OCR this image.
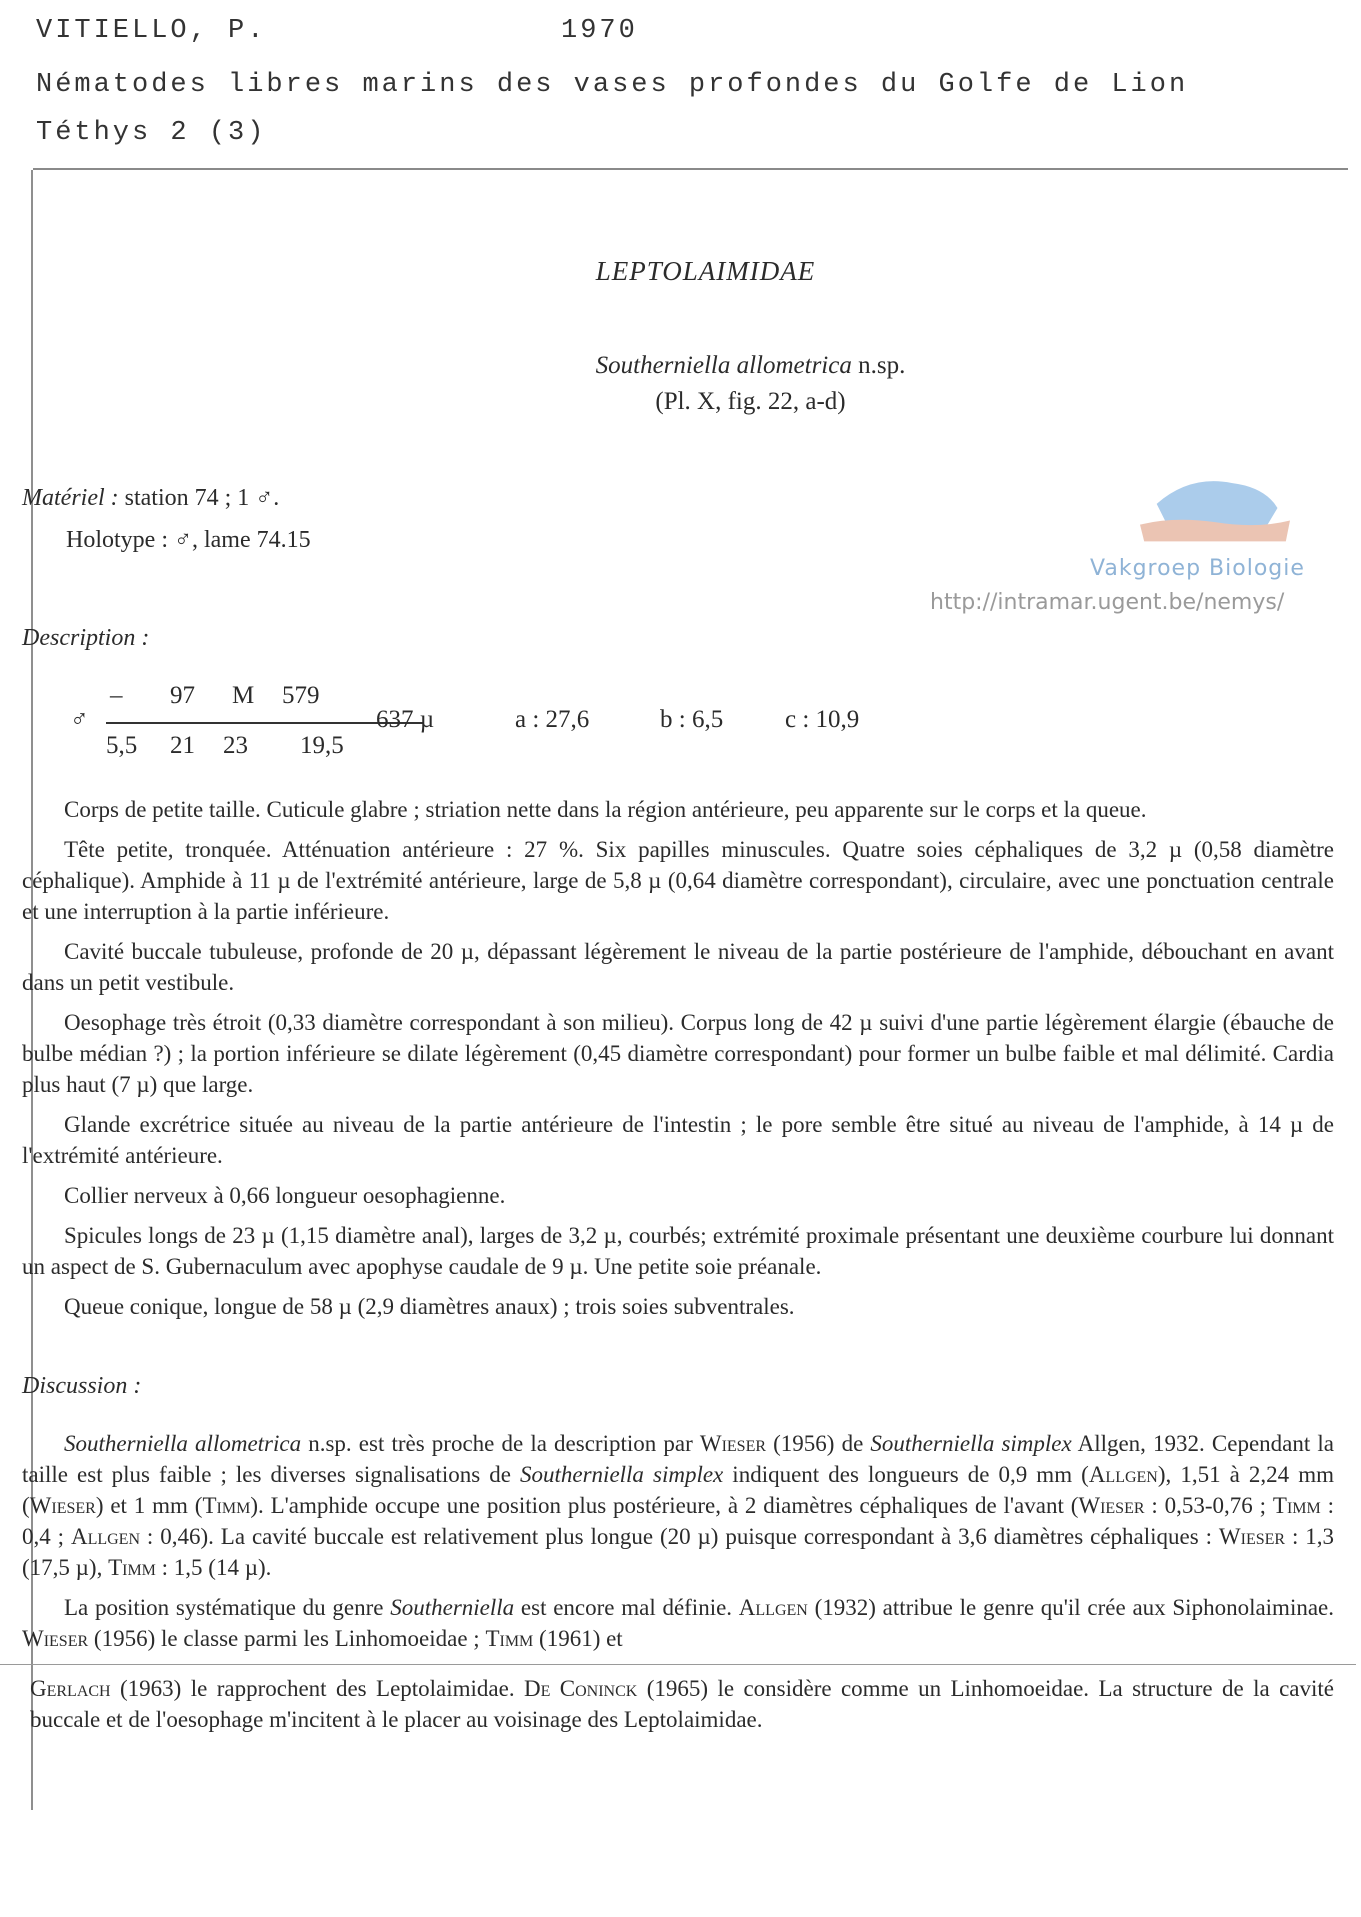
VITIELLO, P.	1970
Nématodes libres marins des vases profondes du Golfe de Lion
Téthys 2 (3)
Vakgroep Biologie
http://intramar.ugent.be/nemys/
LEPTOLAIMIDAE
Southerniella allometrica n.sp.
(Pl. X, fig. 22, a-d)
Matériel : station 74 ; 1 ♂.
Holotype : ♂, lame 74.15
Description :
♂
– 97 M 579
5,5 21 23 19,5
637 µ	a : 27,6	b : 6,5 c : 10,9

Corps de petite taille. Cuticule glabre ; striation nette dans la région antérieure, peu apparente sur le corps et la queue.

Tête petite, tronquée. Atténuation antérieure : 27 %. Six papilles minuscules. Quatre soies céphaliques de 3,2 µ (0,58 diamètre céphalique). Amphide à 11 µ de l'extrémité antérieure, large de 5,8 µ (0,64 diamètre correspondant), circulaire, avec une ponctuation centrale et une interruption à la partie inférieure.

Cavité buccale tubuleuse, profonde de 20 µ, dépassant légèrement le niveau de la partie postérieure de l'amphide, débouchant en avant dans un petit vestibule.

Oesophage très étroit (0,33 diamètre correspondant à son milieu). Corpus long de 42 µ suivi d'une partie légèrement élargie (ébauche de bulbe médian ?) ; la portion inférieure se dilate légèrement (0,45 diamètre correspondant) pour former un bulbe faible et mal délimité. Cardia plus haut (7 µ) que large.

Glande excrétrice située au niveau de la partie antérieure de l'intestin ; le pore semble être situé au niveau de l'amphide, à 14 µ de l'extrémité antérieure.

Collier nerveux à 0,66 longueur oesophagienne.

Spicules longs de 23 µ (1,15 diamètre anal), larges de 3,2 µ, courbés; extrémité proximale présentant une deuxième courbure lui donnant un aspect de S. Gubernaculum avec apophyse caudale de 9 µ. Une petite soie préanale.

Queue conique, longue de 58 µ (2,9 diamètres anaux) ; trois soies subventrales.

Discussion :

Southerniella allometrica n.sp. est très proche de la description par Wieser (1956) de Southerniella simplex Allgen, 1932. Cependant la taille est plus faible ; les diverses signalisations de Southerniella simplex indiquent des longueurs de 0,9 mm (Allgen), 1,51 à 2,24 mm (Wieser) et 1 mm (Timm). L'amphide occupe une position plus postérieure, à 2 diamètres céphaliques de l'avant (Wieser : 0,53-0,76 ; Timm : 0,4 ; Allgen : 0,46). La cavité buccale est relativement plus longue (20 µ) puisque correspondant à 3,6 diamètres céphaliques : Wieser : 1,3 (17,5 µ), Timm : 1,5 (14 µ).

La position systématique du genre Southerniella est encore mal définie. Allgen (1932) attribue le genre qu'il crée aux Siphonolaiminae. Wieser (1956) le classe parmi les Linhomoeidae ; Timm (1961) et

Gerlach (1963) le rapprochent des Leptolaimidae. De Coninck (1965) le considère comme un Linhomoeidae. La structure de la cavité buccale et de l'oesophage m'incitent à le placer au voisinage des Leptolaimidae.
